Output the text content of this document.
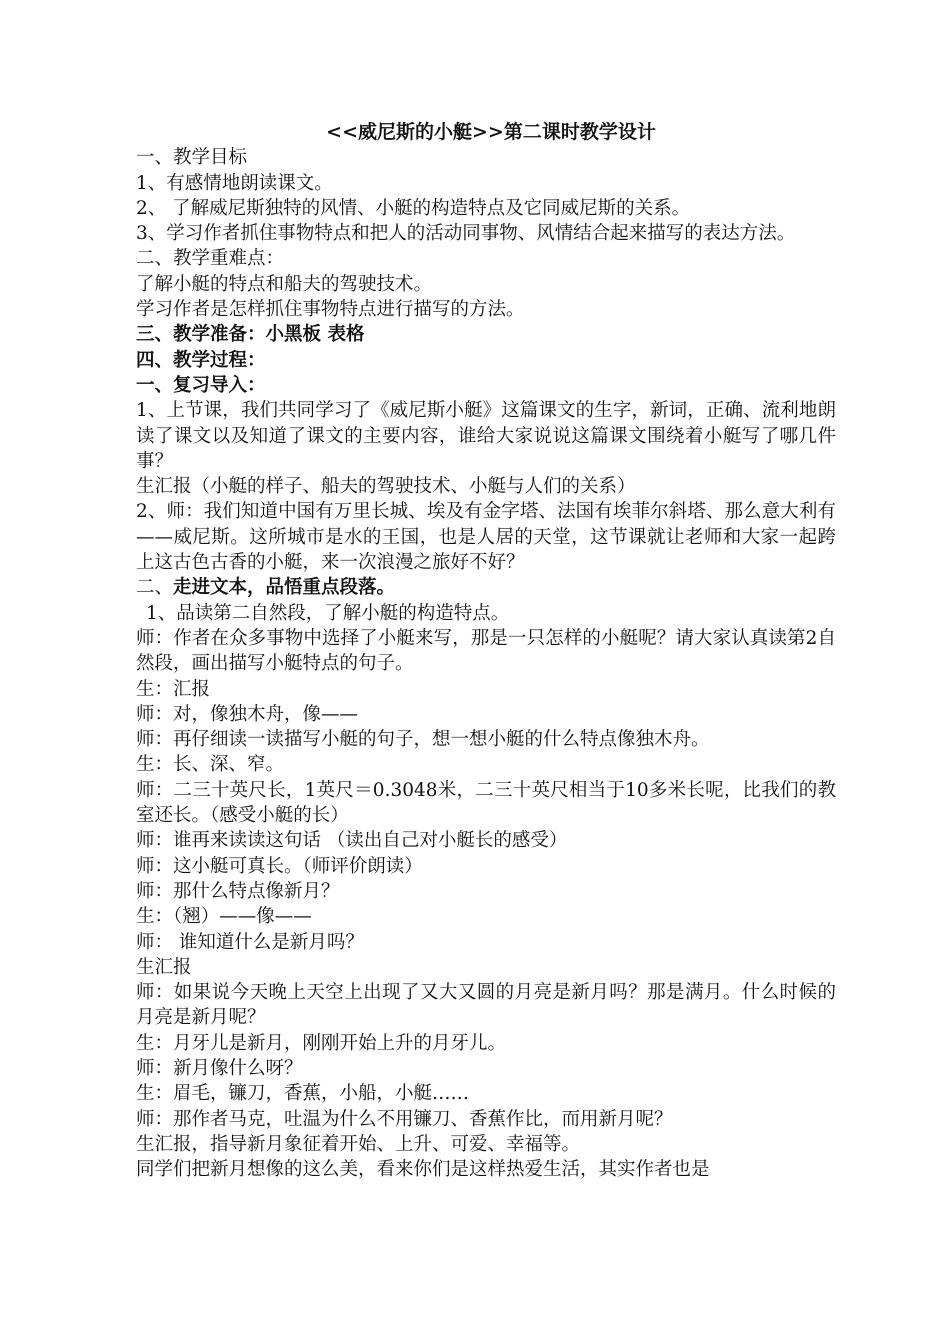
<<威尼斯的小艇>>第二课时教学设计

一、教学目标

1、有感情地朗读课文。

2、 了解威尼斯独特的风情、小艇的构造特点及它同威尼斯的关系。

3、学习作者抓住事物特点和把人的活动同事物、风情结合起来描写的表达方法。

二、教学重难点：

了解小艇的特点和船夫的驾驶技术。

学习作者是怎样抓住事物特点进行描写的方法。

三、教学准备：小黑板 表格

四、教学过程：

一、复习导入：

1、上节课，我们共同学习了《威尼斯小艇》这篇课文的生字，新词，正确、流利地朗读了课文以及知道了课文的主要内容，谁给大家说说这篇课文围绕着小艇写了哪几件事？

生汇报（小艇的样子、船夫的驾驶技术、小艇与人们的关系）

2、师：我们知道中国有万里长城、埃及有金字塔、法国有埃菲尔斜塔、那么意大利有——威尼斯。这所城市是水的王国，也是人居的天堂，这节课就让老师和大家一起跨上这古色古香的小艇，来一次浪漫之旅好不好？

二、走进文本，品悟重点段落。

1、品读第二自然段，了解小艇的构造特点。

师：作者在众多事物中选择了小艇来写，那是一只怎样的小艇呢？请大家认真读第2自然段，画出描写小艇特点的句子。

生：汇报

师：对，像独木舟，像——

师：再仔细读一读描写小艇的句子，想一想小艇的什么特点像独木舟。

生：长、深、窄。

师：二三十英尺长，1英尺＝0.3048米，二三十英尺相当于10多米长呢，比我们的教室还长。（感受小艇的长）

师：谁再来读读这句话 （读出自己对小艇长的感受）

师：这小艇可真长。（师评价朗读）

师：那什么特点像新月？

生：（翘）——像——

师： 谁知道什么是新月吗？

生汇报

师：如果说今天晚上天空上出现了又大又圆的月亮是新月吗？那是满月。什么时候的月亮是新月呢？

生：月牙儿是新月，刚刚开始上升的月牙儿。

师：新月像什么呀？

生：眉毛，镰刀，香蕉，小船，小艇……

师：那作者马克，吐温为什么不用镰刀、香蕉作比，而用新月呢？

生汇报，指导新月象征着开始、上升、可爱、幸福等。

同学们把新月想像的这么美，看来你们是这样热爱生活，其实作者也是
